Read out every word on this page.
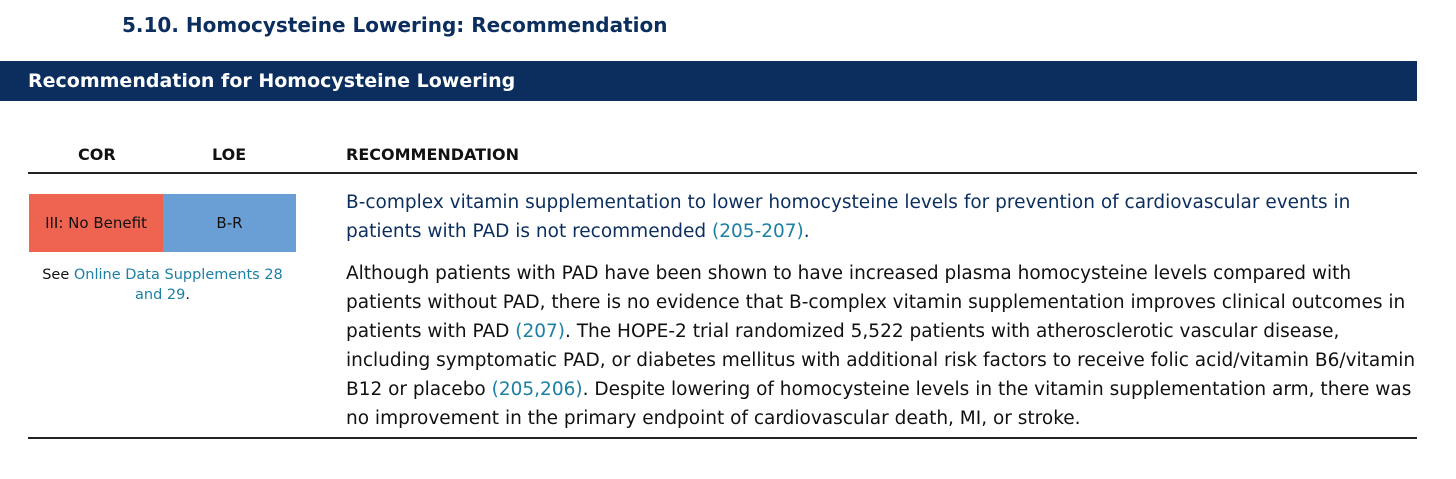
5.10. Homocysteine Lowering: Recommendation
Recommendation for Homocysteine Lowering
COR	LOE	RECOMMENDATION
III: No Benefit	B-R
See Online Data Supplements 28 and 29.
B-complex vitamin supplementation to lower homocysteine levels for prevention of cardiovascular events in patients with PAD is not recommended (205-207).
Although patients with PAD have been shown to have increased plasma homocysteine levels compared with patients without PAD, there is no evidence that B-complex vitamin supplementation improves clinical outcomes in patients with PAD (207). The HOPE-2 trial randomized 5,522 patients with atherosclerotic vascular disease, including symptomatic PAD, or diabetes mellitus with additional risk factors to receive folic acid/vitamin B6/vitamin B12 or placebo (205,206). Despite lowering of homocysteine levels in the vitamin supplementation arm, there was no improvement in the primary endpoint of cardiovascular death, MI, or stroke.
